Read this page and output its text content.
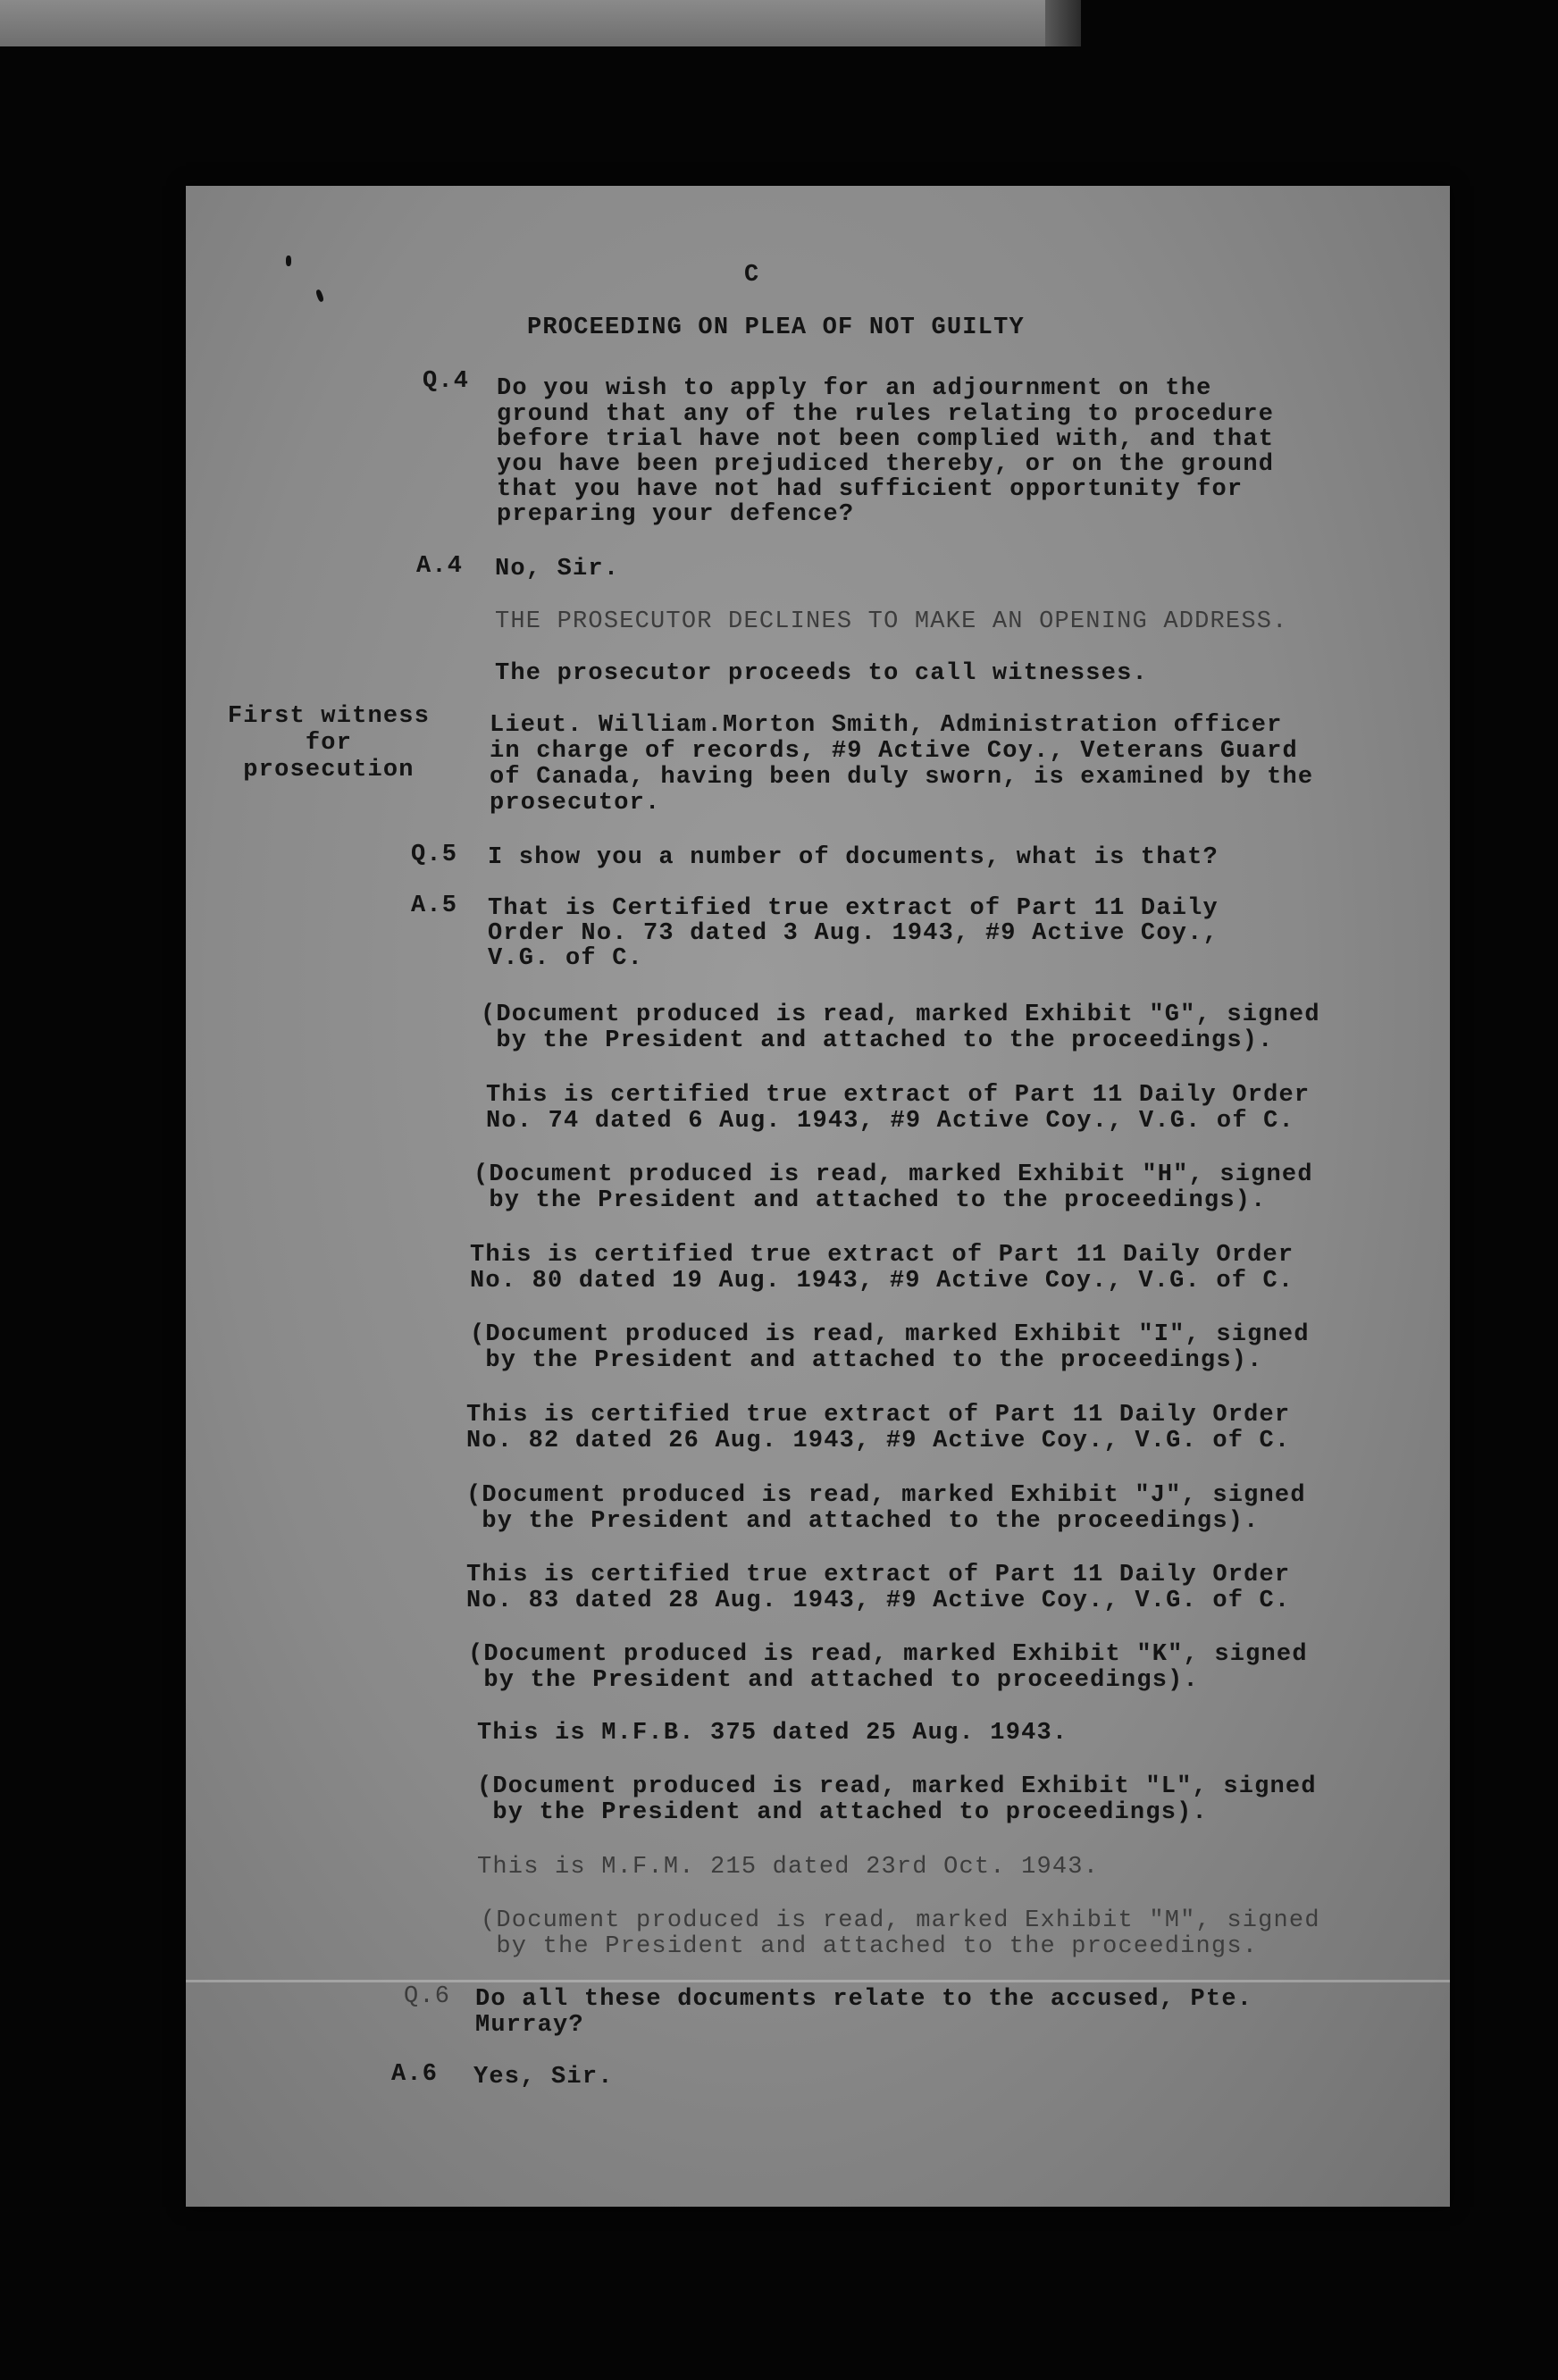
C
PROCEEDING ON PLEA OF NOT GUILTY
Q.4 Do you wish to apply for an adjournment on the
ground that any of the rules relating to procedure
before trial have not been complied with, and that
you have been prejudiced thereby, or on the ground
that you have not had sufficient opportunity for
preparing your defence?
A.4 No, Sir.
THE PROSECUTOR DECLINES TO MAKE AN OPENING ADDRESS.
The prosecutor proceeds to call witnesses.
First witness
for
prosecution
Lieut. William.Morton Smith, Administration officer
in charge of records, #9 Active Coy., Veterans Guard
of Canada, having been duly sworn, is examined by the
prosecutor.
Q.5 I show you a number of documents, what is that?
A.5 That is Certified true extract of Part 11 Daily
Order No. 73 dated 3 Aug. 1943, #9 Active Coy.,
V.G. of C.
(Document produced is read, marked Exhibit "G", signed
by the President and attached to the proceedings).
This is certified true extract of Part 11 Daily Order
No. 74 dated 6 Aug. 1943, #9 Active Coy., V.G. of C.
(Document produced is read, marked Exhibit "H", signed
by the President and attached to the proceedings).
This is certified true extract of Part 11 Daily Order
No. 80 dated 19 Aug. 1943, #9 Active Coy., V.G. of C.
(Document produced is read, marked Exhibit "I", signed
by the President and attached to the proceedings).
This is certified true extract of Part 11 Daily Order
No. 82 dated 26 Aug. 1943, #9 Active Coy., V.G. of C.
(Document produced is read, marked Exhibit "J", signed
by the President and attached to the proceedings).
This is certified true extract of Part 11 Daily Order
No. 83 dated 28 Aug. 1943, #9 Active Coy., V.G. of C.
(Document produced is read, marked Exhibit "K", signed
by the President and attached to proceedings).
This is M.F.B. 375 dated 25 Aug. 1943.
(Document produced is read, marked Exhibit "L", signed
by the President and attached to proceedings).
This is M.F.M. 215 dated 23rd Oct. 1943.
(Document produced is read, marked Exhibit "M", signed
by the President and attached to the proceedings.
Q.6 Do all these documents relate to the accused, Pte.
Murray?
A.6 Yes, Sir.
